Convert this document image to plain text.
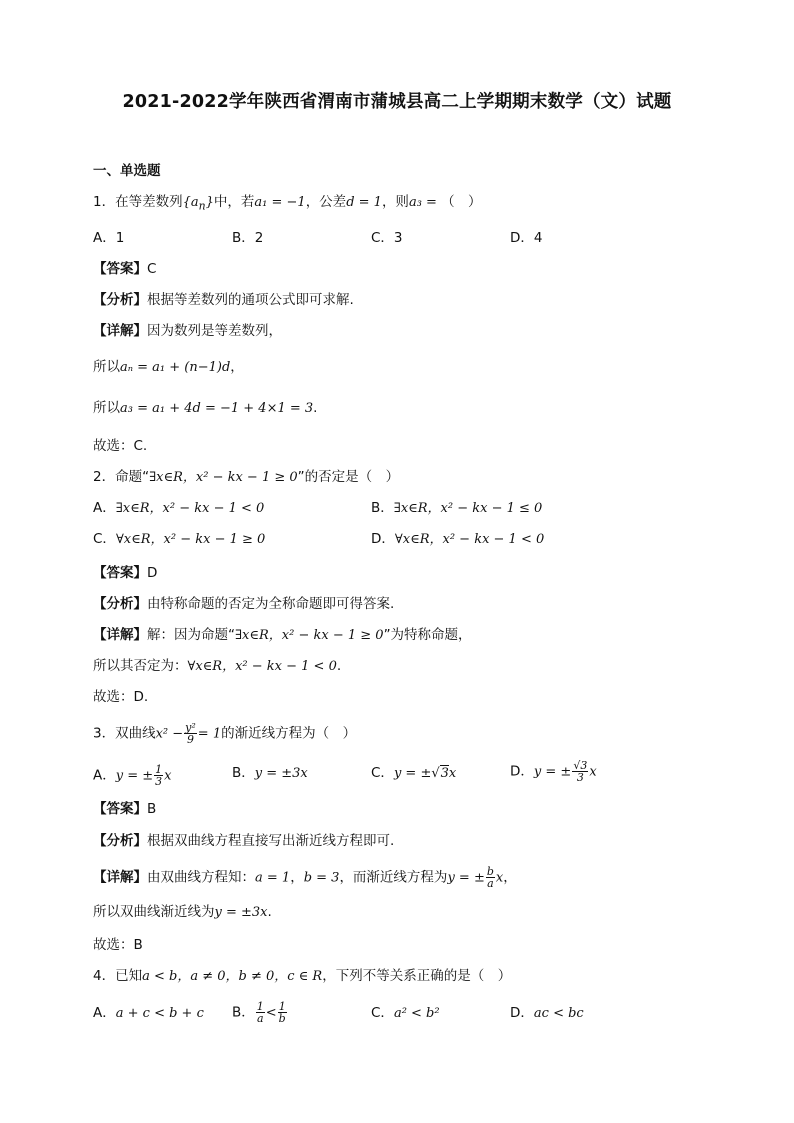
2021-2022学年陕西省渭南市蒲城县高二上学期期末数学（文）试题
一、单选题
1．在等差数列$\{a_n\}$中，若a₁ = −1，公差d = 1，则a₃ = （　）
A．1	B．2	C．3	D．4
【答案】C
【分析】根据等差数列的通项公式即可求解.
【详解】因为数列是等差数列，
所以aₙ = a₁ + (n−1)d，
所以a₃ = a₁ + 4d = −1 + 4×1 = 3.
故选：C.
2．命题“∃x∈R，x² − kx − 1 ≥ 0”的否定是（　）
A．∃x∈R，x² − kx − 1 < 0	B．∃x∈R，x² − kx − 1 ≤ 0
C．∀x∈R，x² − kx − 1 ≥ 0	D．∀x∈R，x² − kx − 1 < 0
【答案】D
【分析】由特称命题的否定为全称命题即可得答案.
【详解】解：因为命题“∃x∈R，x² − kx − 1 ≥ 0”为特称命题，
所以其否定为：∀x∈R，x² − kx − 1 < 0.
故选：D.
3．双曲线$x^2 - \frac{\text{y²}}{9} = 1$的渐近线方程为（　）
A．y = ± $\frac{1}{3}$ x	B．y = ±3x	C．y = ±√3x	D．y = ± $\frac{√3}{3}$ x
【答案】B
【分析】根据双曲线方程直接写出渐近线方程即可.
【详解】由双曲线方程知：a = 1，b = 3，而渐近线方程为y = ± $\frac{b}{a}$ x，
所以双曲线渐近线为y = ±3x.
故选：B
4．已知a < b，a ≠ 0，b ≠ 0，c ∈ R，下列不等关系正确的是（　）
A．a + c < b + c B． $\frac{1}{a} < \frac{1}{b}$	C．a² < b²	D．ac < bc
